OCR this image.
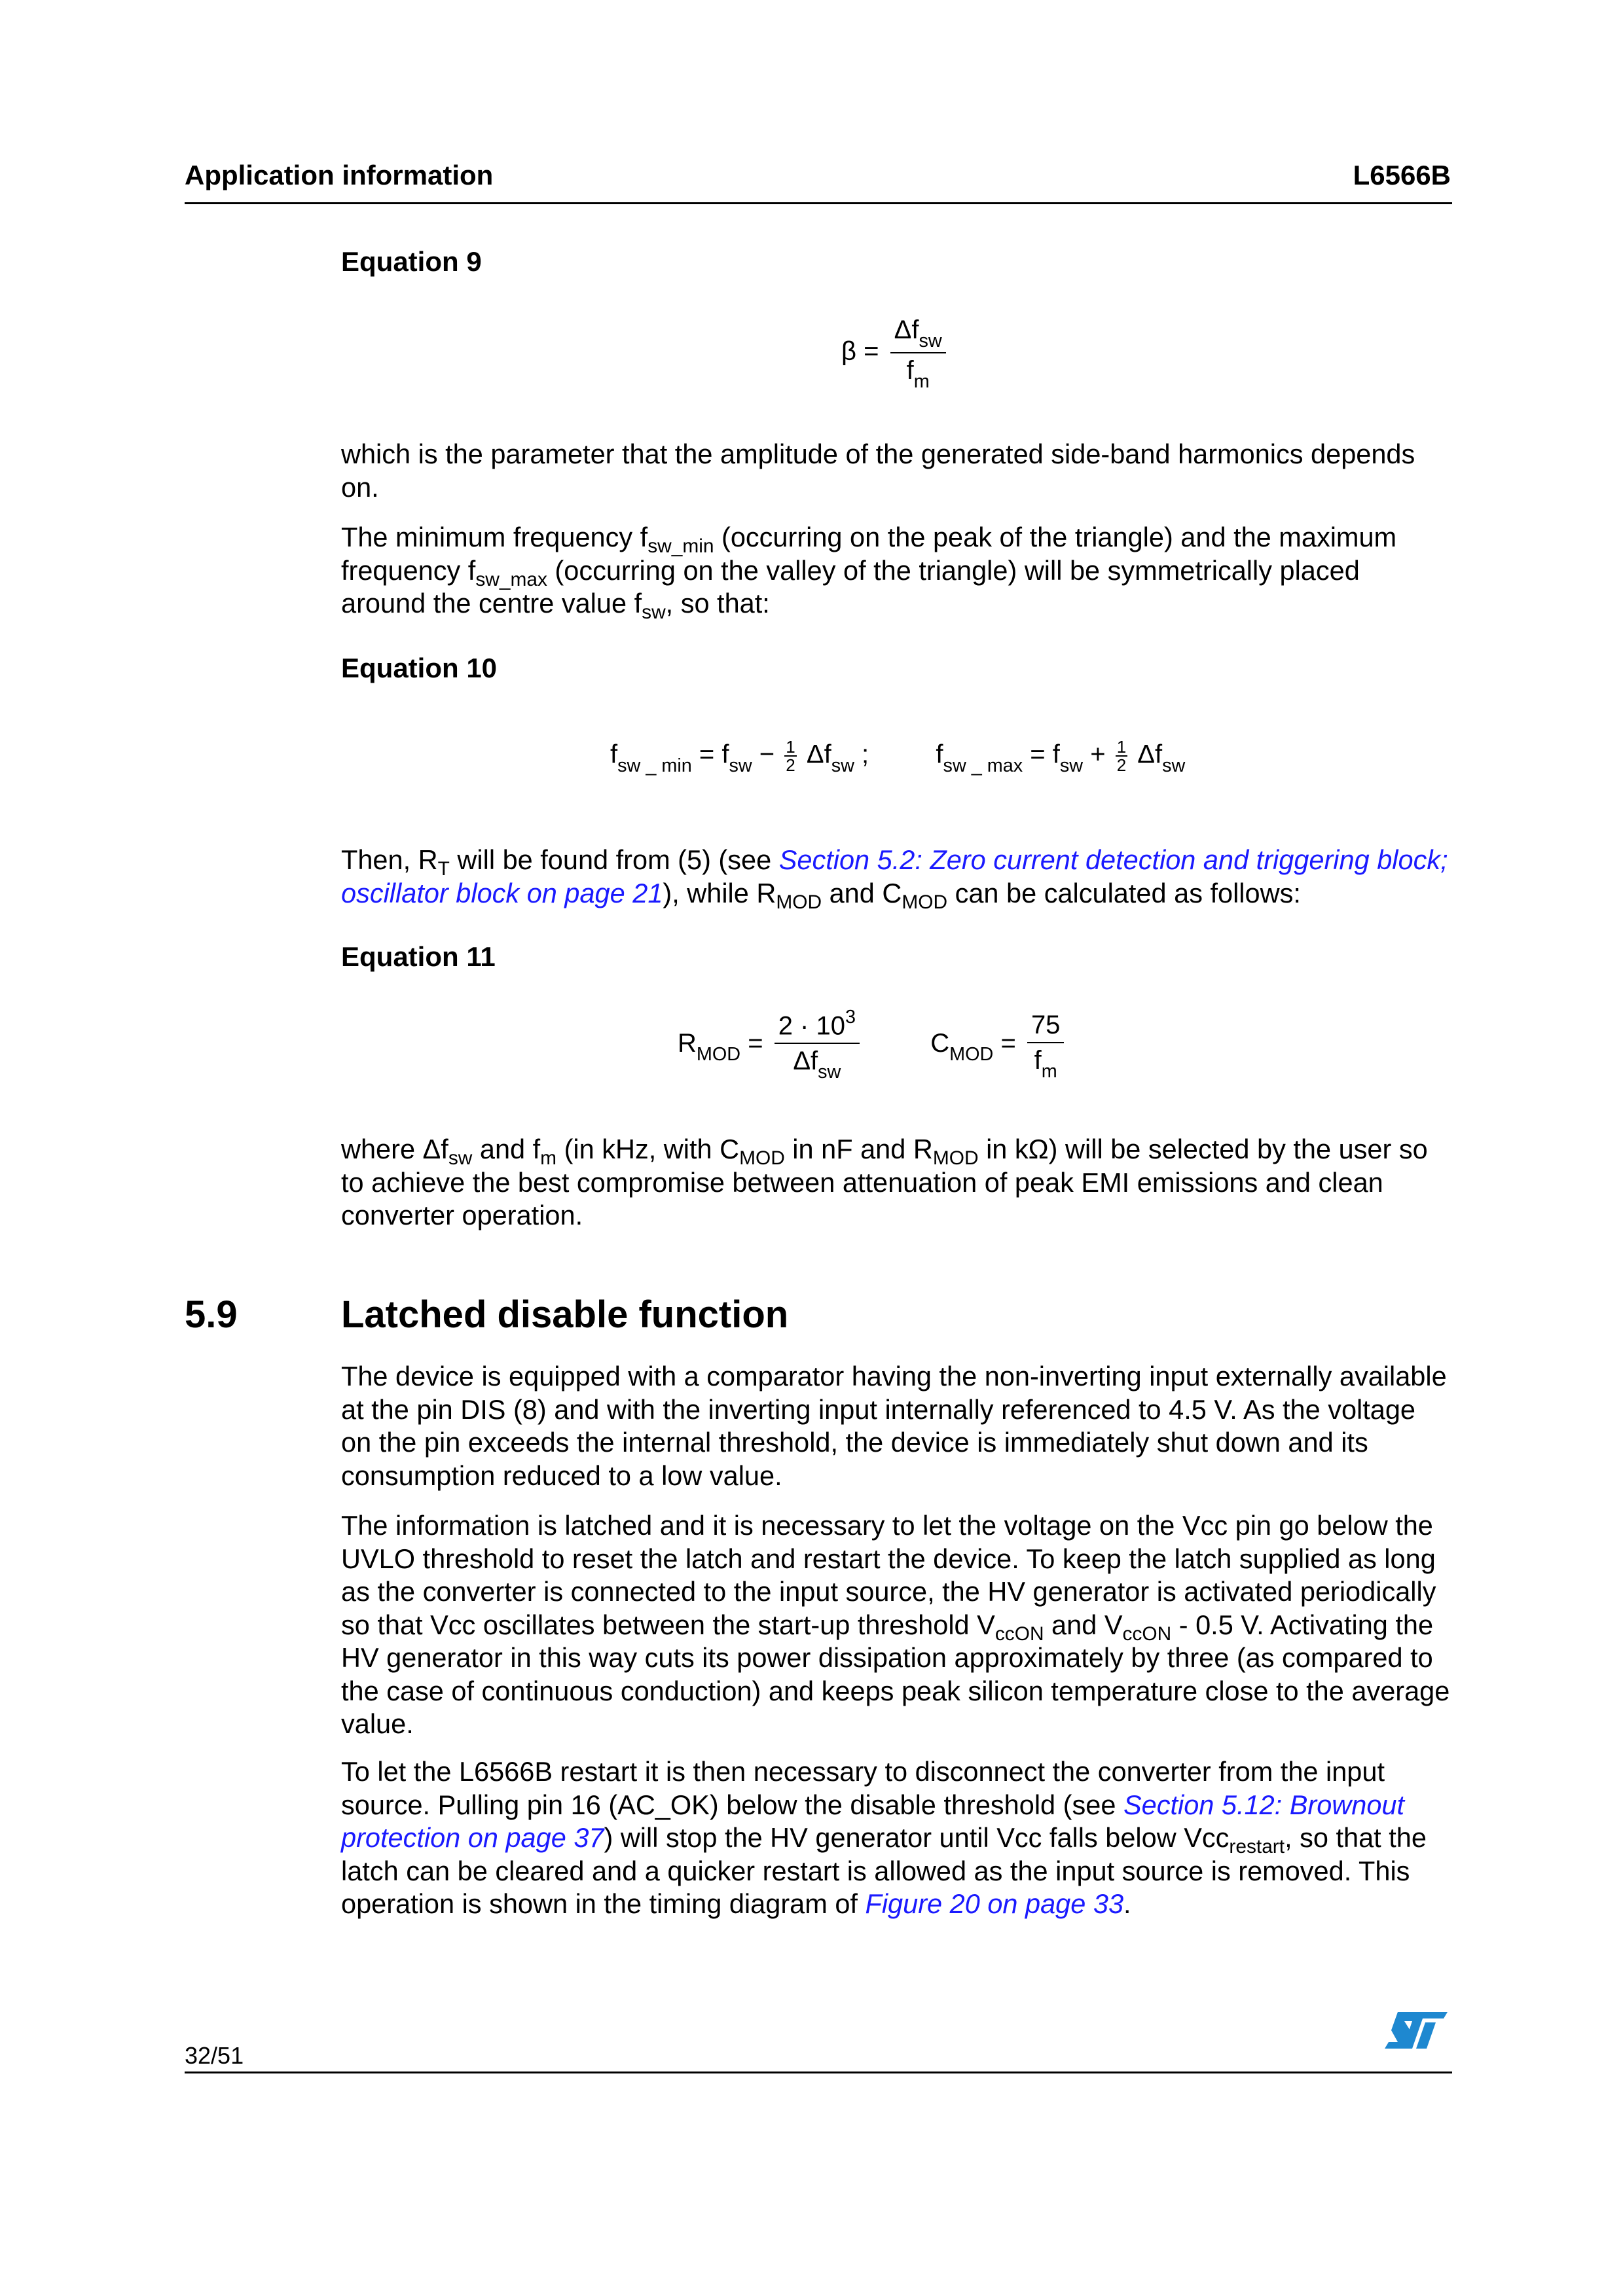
Application information	L6566B
Equation 9
$\beta = \frac{\Delta f_{sw}}{f_m}$
which is the parameter that the amplitude of the generated side-band harmonics depends
on.
The minimum frequency $f_{sw\_min}$ (occurring on the peak of the triangle) and the maximum
frequency $f_{sw\_max}$ (occurring on the valley of the triangle) will be symmetrically placed
around the centre value $f_{sw}$, so that:
Equation 10
$f_{sw \_ min} = f_{sw} - \frac{1}{2} \Delta f_{sw}$ ;	$f_{sw \_ max} = f_{sw} + \frac{1}{2} \Delta f_{sw}$
Then, $R_T$ will be found from (5) (see Section 5.2: Zero current detection and triggering block;
oscillator block on page 21), while $R_{MOD}$ and $C_{MOD}$ can be calculated as follows:
Equation 11
$R_{MOD} = \frac{2 \cdot 10^3}{\Delta f_{sw}}$	$C_{MOD} = \frac{75}{f_m}$
where $\Delta f_{sw}$ and $f_m$ (in kHz, with $C_{MOD}$ in nF and $R_{MOD}$ in kΩ) will be selected by the user so
to achieve the best compromise between attenuation of peak EMI emissions and clean
converter operation.
5.9	Latched disable function
The device is equipped with a comparator having the non-inverting input externally available
at the pin DIS (8) and with the inverting input internally referenced to 4.5 V. As the voltage
on the pin exceeds the internal threshold, the device is immediately shut down and its
consumption reduced to a low value.
The information is latched and it is necessary to let the voltage on the Vcc pin go below the
UVLO threshold to reset the latch and restart the device. To keep the latch supplied as long
as the converter is connected to the input source, the HV generator is activated periodically
so that Vcc oscillates between the start-up threshold $V_{ccON}$ and $V_{ccON} - 0.5$ V. Activating the
HV generator in this way cuts its power dissipation approximately by three (as compared to
the case of continuous conduction) and keeps peak silicon temperature close to the average
value.
To let the L6566B restart it is then necessary to disconnect the converter from the input
source. Pulling pin 16 (AC_OK) below the disable threshold (see Section 5.12: Brownout
protection on page 37) will stop the HV generator until Vcc falls below Vcc$_{restart}$, so that the
latch can be cleared and a quicker restart is allowed as the input source is removed. This
operation is shown in the timing diagram of Figure 20 on page 33.
32/51
